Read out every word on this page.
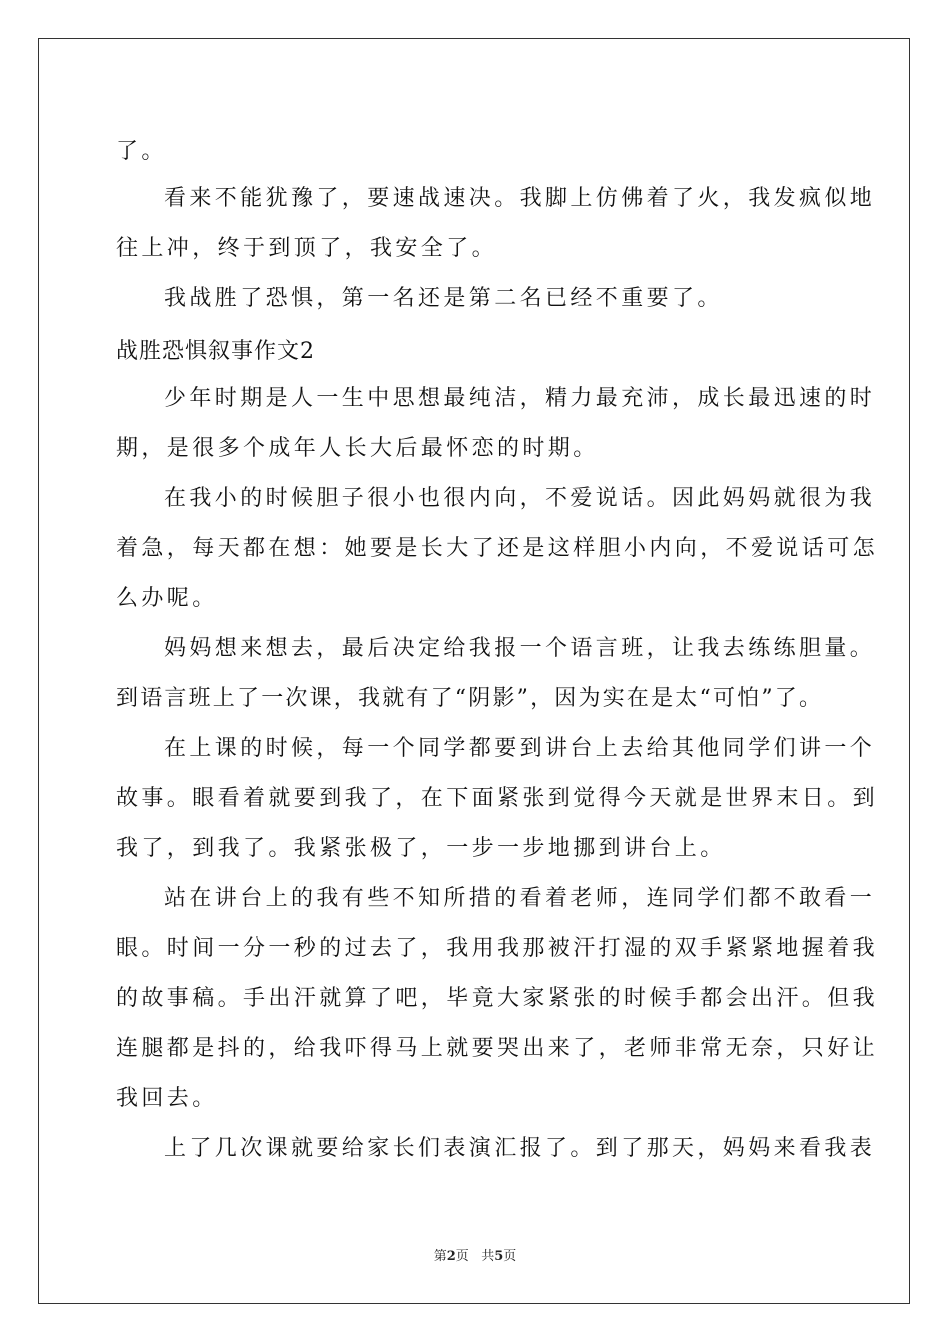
了。
看来不能犹豫了，要速战速决。我脚上仿佛着了火，我发疯似地
往上冲，终于到顶了，我安全了。
我战胜了恐惧，第一名还是第二名已经不重要了。
战胜恐惧叙事作文2
少年时期是人一生中思想最纯洁，精力最充沛，成长最迅速的时
期，是很多个成年人长大后最怀恋的时期。
在我小的时候胆子很小也很内向，不爱说话。因此妈妈就很为我
着急，每天都在想：她要是长大了还是这样胆小内向，不爱说话可怎
么办呢。
妈妈想来想去，最后决定给我报一个语言班，让我去练练胆量。
到语言班上了一次课，我就有了“阴影”，因为实在是太“可怕”了。
在上课的时候，每一个同学都要到讲台上去给其他同学们讲一个
故事。眼看着就要到我了，在下面紧张到觉得今天就是世界末日。到
我了，到我了。我紧张极了，一步一步地挪到讲台上。
站在讲台上的我有些不知所措的看着老师，连同学们都不敢看一
眼。时间一分一秒的过去了，我用我那被汗打湿的双手紧紧地握着我
的故事稿。手出汗就算了吧，毕竟大家紧张的时候手都会出汗。但我
连腿都是抖的，给我吓得马上就要哭出来了，老师非常无奈，只好让
我回去。
上了几次课就要给家长们表演汇报了。到了那天，妈妈来看我表
第2页 共5页
